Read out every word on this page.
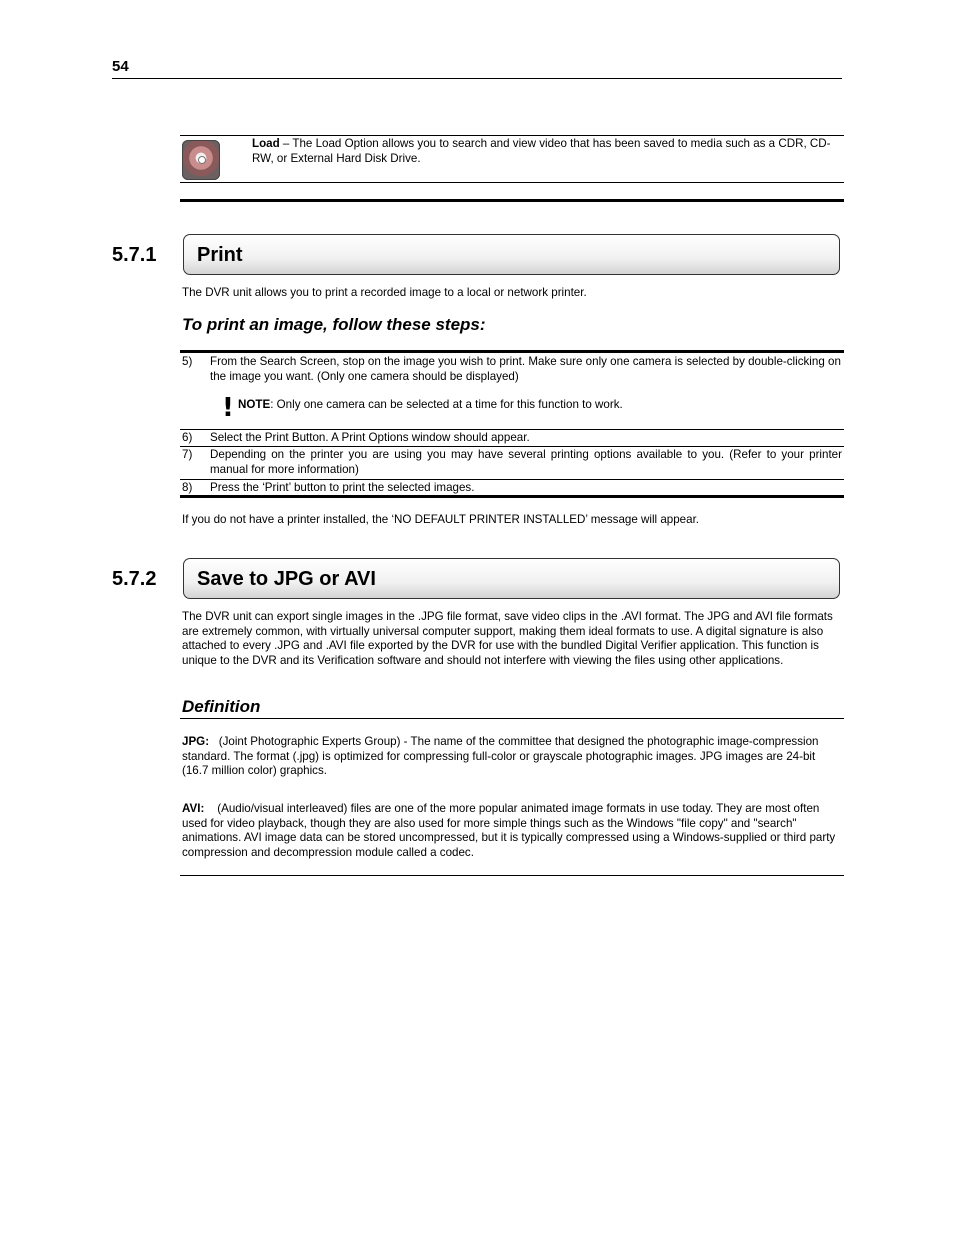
54
Load – The Load Option allows you to search and view video that has been saved to media such as a CDR, CD-RW, or External Hard Disk Drive.
5.7.1 Print
The DVR unit allows you to print a recorded image to a local or network printer.
To print an image, follow these steps:
5) From the Search Screen, stop on the image you wish to print. Make sure only one camera is selected by double-clicking on the image you want. (Only one camera should be displayed)
! NOTE: Only one camera can be selected at a time for this function to work.
6) Select the Print Button. A Print Options window should appear.
7) Depending on the printer you are using you may have several printing options available to you. (Refer to your printer manual for more information)
8) Press the ‘Print’ button to print the selected images.
If you do not have a printer installed, the ‘NO DEFAULT PRINTER INSTALLED’ message will appear.
5.7.2 Save to JPG or AVI
The DVR unit can export single images in the .JPG file format, save video clips in the .AVI format. The JPG and AVI file formats are extremely common, with virtually universal computer support, making them ideal formats to use. A digital signature is also attached to every .JPG and .AVI file exported by the DVR for use with the bundled Digital Verifier application. This function is unique to the DVR and its Verification software and should not interfere with viewing the files using other applications.
Definition
JPG: (Joint Photographic Experts Group) - The name of the committee that designed the photographic image-compression standard. The format (.jpg) is optimized for compressing full-color or grayscale photographic images. JPG images are 24-bit (16.7 million color) graphics.
AVI: (Audio/visual interleaved) files are one of the more popular animated image formats in use today. They are most often used for video playback, though they are also used for more simple things such as the Windows "file copy" and "search" animations. AVI image data can be stored uncompressed, but it is typically compressed using a Windows-supplied or third party compression and decompression module called a codec.
